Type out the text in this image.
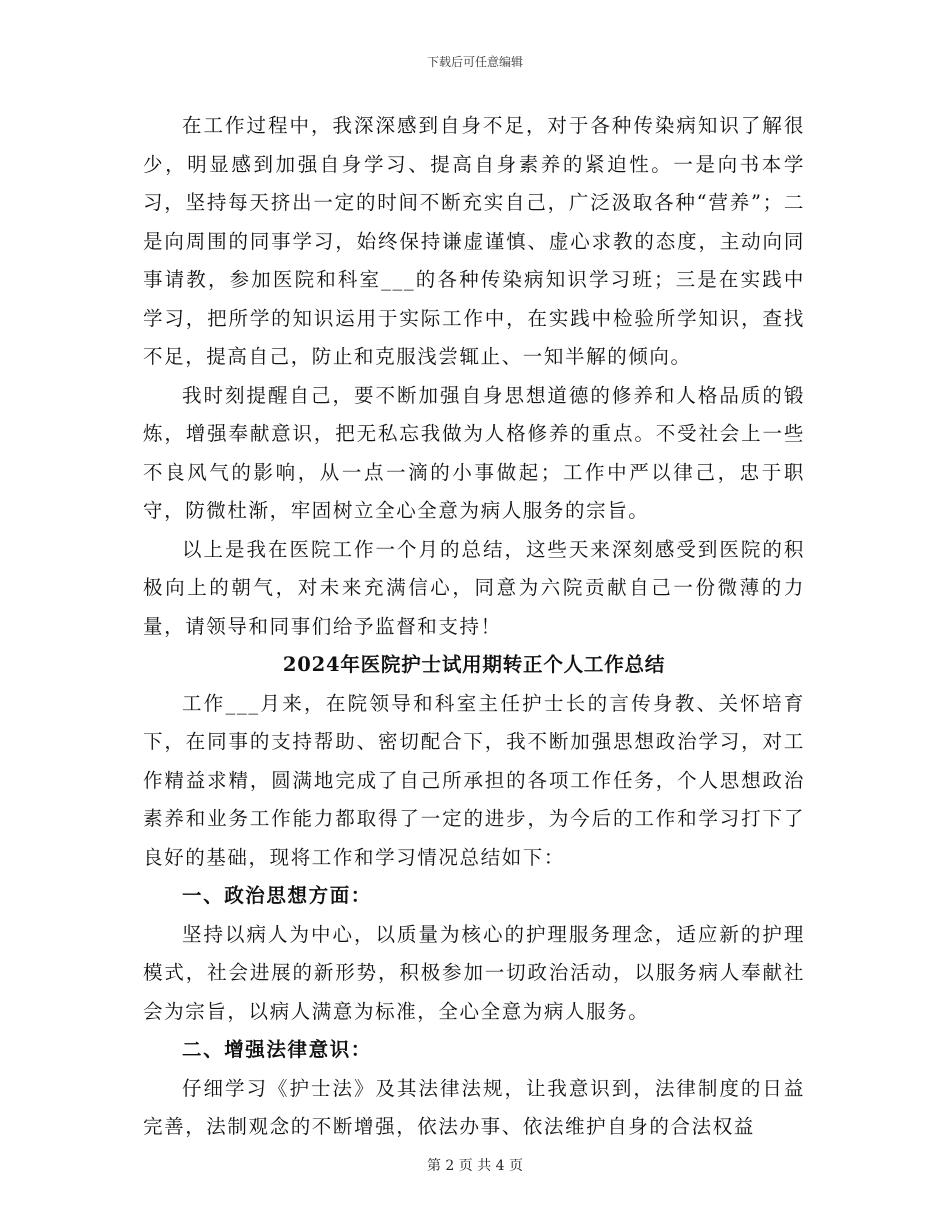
下载后可任意编辑

在工作过程中，我深深感到自身不足，对于各种传染病知识了解很少，明显感到加强自身学习、提高自身素养的紧迫性。一是向书本学习，坚持每天挤出一定的时间不断充实自己，广泛汲取各种“营养”；二是向周围的同事学习，始终保持谦虚谨慎、虚心求教的态度，主动向同事请教，参加医院和科室___的各种传染病知识学习班；三是在实践中学习，把所学的知识运用于实际工作中，在实践中检验所学知识，查找不足，提高自己，防止和克服浅尝辄止、一知半解的倾向。

我时刻提醒自己，要不断加强自身思想道德的修养和人格品质的锻炼，增强奉献意识，把无私忘我做为人格修养的重点。不受社会上一些不良风气的影响，从一点一滴的小事做起；工作中严以律己，忠于职守，防微杜渐，牢固树立全心全意为病人服务的宗旨。

以上是我在医院工作一个月的总结，这些天来深刻感受到医院的积极向上的朝气，对未来充满信心，同意为六院贡献自己一份微薄的力量，请领导和同事们给予监督和支持！

2024年医院护士试用期转正个人工作总结

工作___月来，在院领导和科室主任护士长的言传身教、关怀培育下，在同事的支持帮助、密切配合下，我不断加强思想政治学习，对工作精益求精，圆满地完成了自己所承担的各项工作任务，个人思想政治素养和业务工作能力都取得了一定的进步，为今后的工作和学习打下了良好的基础，现将工作和学习情况总结如下：

一、政治思想方面：

坚持以病人为中心，以质量为核心的护理服务理念，适应新的护理模式，社会进展的新形势，积极参加一切政治活动，以服务病人奉献社会为宗旨，以病人满意为标准，全心全意为病人服务。

二、增强法律意识：

仔细学习《护士法》及其法律法规，让我意识到，法律制度的日益完善，法制观念的不断增强，依法办事、依法维护自身的合法权益

第 2 页 共 4 页
